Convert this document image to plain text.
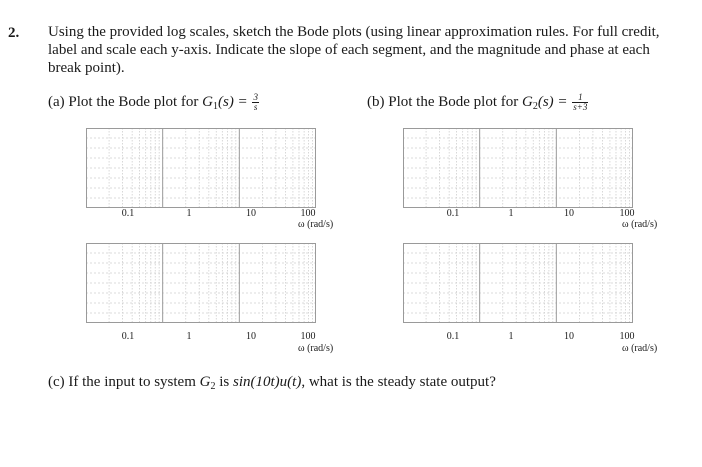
2. Using the provided log scales, sketch the Bode plots (using linear approximation rules. For full credit, label and scale each y-axis. Indicate the slope of each segment, and the magnitude and phase at each break point).
(a) Plot the Bode plot for $G_1(s) = \frac{3}{s}$	(b) Plot the Bode plot for $G_2(s) = \frac{1}{s+3}$
0.1	1	10	100
ω (rad/s)
0.1	1	10	100
ω (rad/s)
0.1	1	10	100
ω (rad/s)
0.1	1	10	100
ω (rad/s)
(c) If the input to system $G_2$ is sin(10t)u(t), what is the steady state output?
